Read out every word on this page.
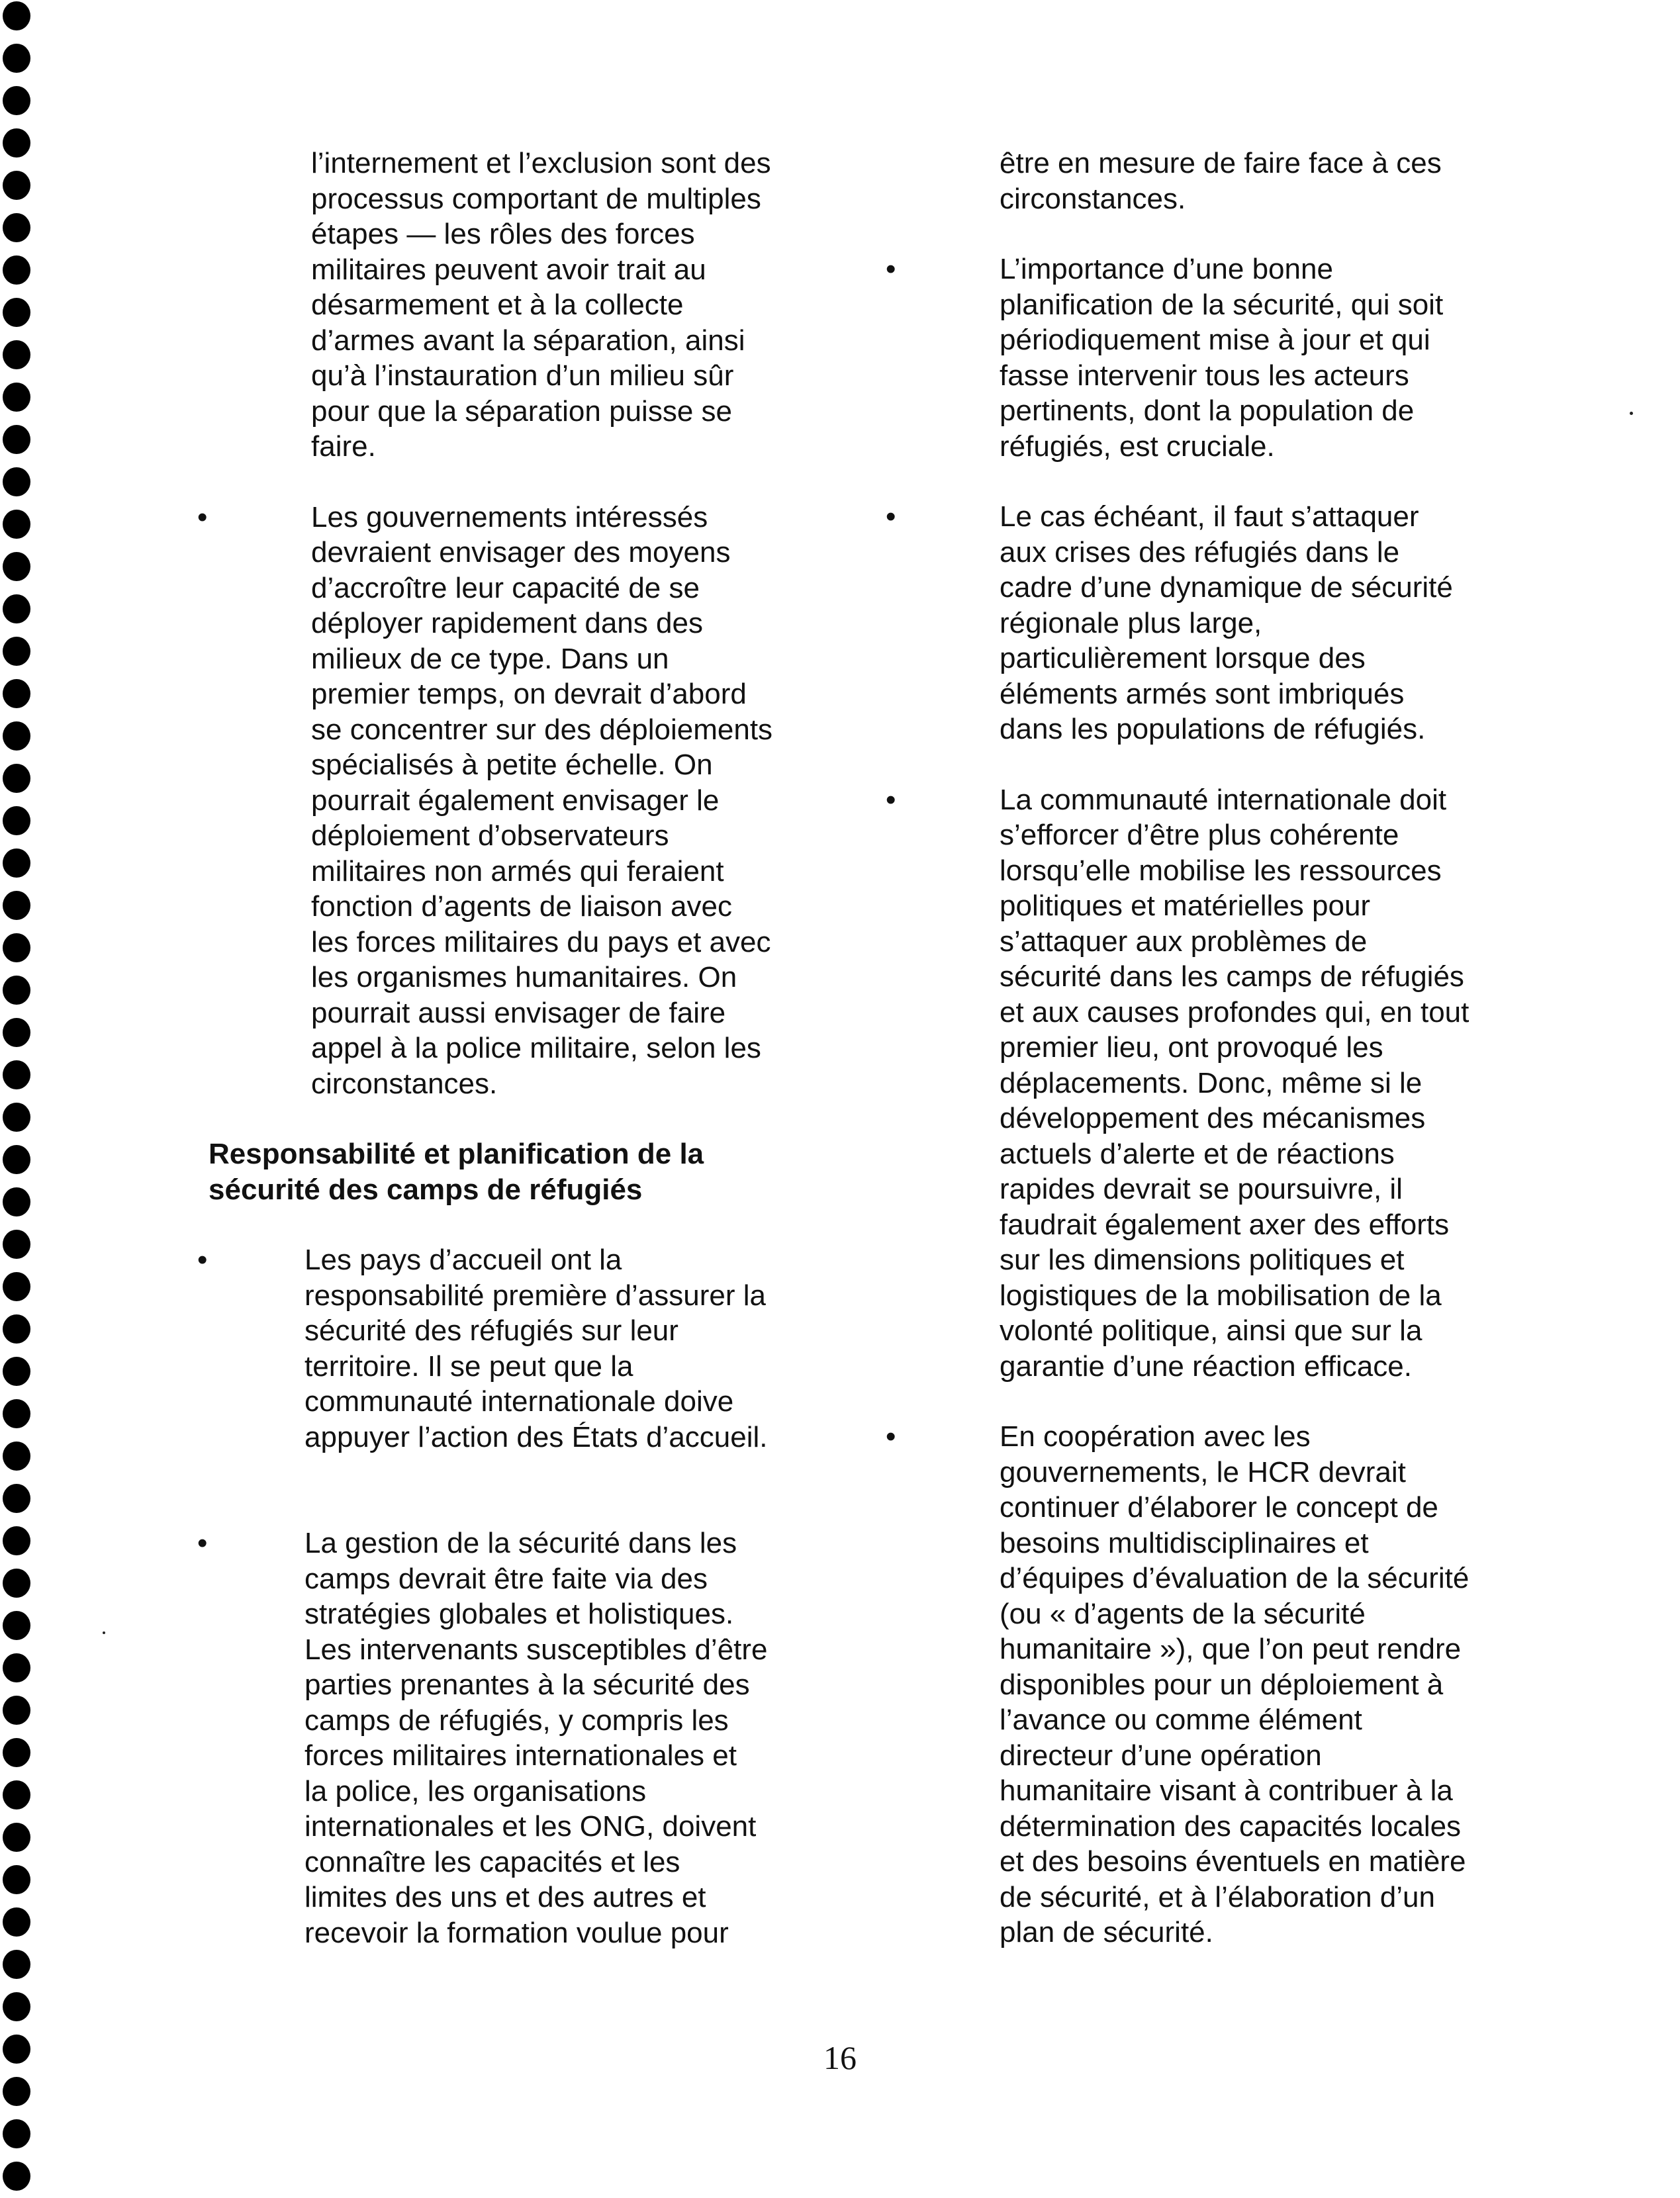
l’internement et l’exclusion sont des
processus comportant de multiples
étapes — les rôles des forces
militaires peuvent avoir trait au
désarmement et à la collecte
d’armes avant la séparation, ainsi
qu’à l’instauration d’un milieu sûr
pour que la séparation puisse se
faire.

•	Les gouvernements intéressés
devraient envisager des moyens
d’accroître leur capacité de se
déployer rapidement dans des
milieux de ce type. Dans un
premier temps, on devrait d’abord
se concentrer sur des déploiements
spécialisés à petite échelle. On
pourrait également envisager le
déploiement d’observateurs
militaires non armés qui feraient
fonction d’agents de liaison avec
les forces militaires du pays et avec
les organismes humanitaires. On
pourrait aussi envisager de faire
appel à la police militaire, selon les
circonstances.

Responsabilité et planification de la
sécurité des camps de réfugiés

•	Les pays d’accueil ont la
responsabilité première d’assurer la
sécurité des réfugiés sur leur
territoire. Il se peut que la
communauté internationale doive
appuyer l’action des États d’accueil.

•	La gestion de la sécurité dans les
camps devrait être faite via des
stratégies globales et holistiques.
Les intervenants susceptibles d’être
parties prenantes à la sécurité des
camps de réfugiés, y compris les
forces militaires internationales et
la police, les organisations
internationales et les ONG, doivent
connaître les capacités et les
limites des uns et des autres et
recevoir la formation voulue pour

être en mesure de faire face à ces
circonstances.

•	L’importance d’une bonne
planification de la sécurité, qui soit
périodiquement mise à jour et qui
fasse intervenir tous les acteurs
pertinents, dont la population de
réfugiés, est cruciale.

•	Le cas échéant, il faut s’attaquer
aux crises des réfugiés dans le
cadre d’une dynamique de sécurité
régionale plus large,
particulièrement lorsque des
éléments armés sont imbriqués
dans les populations de réfugiés.

•	La communauté internationale doit
s’efforcer d’être plus cohérente
lorsqu’elle mobilise les ressources
politiques et matérielles pour
s’attaquer aux problèmes de
sécurité dans les camps de réfugiés
et aux causes profondes qui, en tout
premier lieu, ont provoqué les
déplacements. Donc, même si le
développement des mécanismes
actuels d’alerte et de réactions
rapides devrait se poursuivre, il
faudrait également axer des efforts
sur les dimensions politiques et
logistiques de la mobilisation de la
volonté politique, ainsi que sur la
garantie d’une réaction efficace.

•	En coopération avec les
gouvernements, le HCR devrait
continuer d’élaborer le concept de
besoins multidisciplinaires et
d’équipes d’évaluation de la sécurité
(ou « d’agents de la sécurité
humanitaire »), que l’on peut rendre
disponibles pour un déploiement à
l’avance ou comme élément
directeur d’une opération
humanitaire visant à contribuer à la
détermination des capacités locales
et des besoins éventuels en matière
de sécurité, et à l’élaboration d’un
plan de sécurité.

16
